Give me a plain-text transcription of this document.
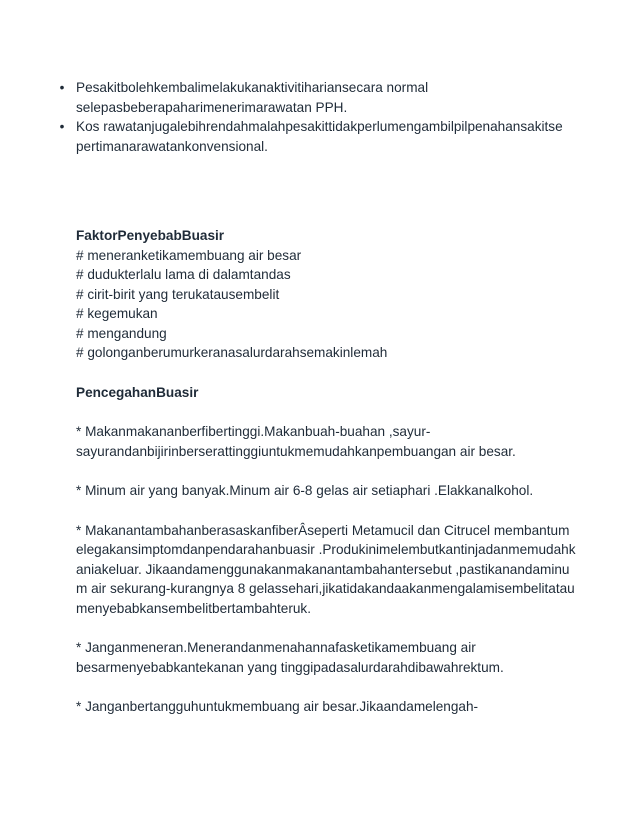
• Pesakitbolehkembalimelakukanaktivitihariansecara normal selepasbeberapaharimenerimarawatan PPH.
• Kos rawatanjugalebihrendahmalahpesakittidakperlumengambilpilpenahansakitsepertimanarawatankonvensional.

FaktorPenyebabBuasir

# meneranketikamembuang air besar

# dudukterlalu lama di dalamtandas

# cirit-birit yang terukatausembelit

# kegemukan

# mengandung

# golonganberumurkeranasalurdarahsemakinlemah

PencegahanBuasir

* Makanmakananberfibertinggi.Makanbuah-buahan ,sayur-sayurandanbijirinberserattinggiuntukmemudahkanpembuangan air besar.

* Minum air yang banyak.Minum air 6-8 gelas air setiaphari .Elakkanalkohol.

* MakanantambahanberasaskanfiberÂseperti Metamucil dan Citrucel membantumelegakansimptomdanpendarahanbuasir .Produkinimelembutkantinjadanmemudahkaniakeluar. Jikaandamenggunakanmakanantambahantersebut ,pastikanandaminum air sekurang-kurangnya 8 gelassehari,jikatidakandaakanmengalamisembelitataumenyebabkansembelitbertambahteruk.

* Janganmeneran.Menerandanmenahannafasketikamembuang air besarmenyebabkantekanan yang tinggipadasalurdarahdibawahrektum.

* Janganbertangguhuntukmembuang air besar.Jikaandamelengah-
